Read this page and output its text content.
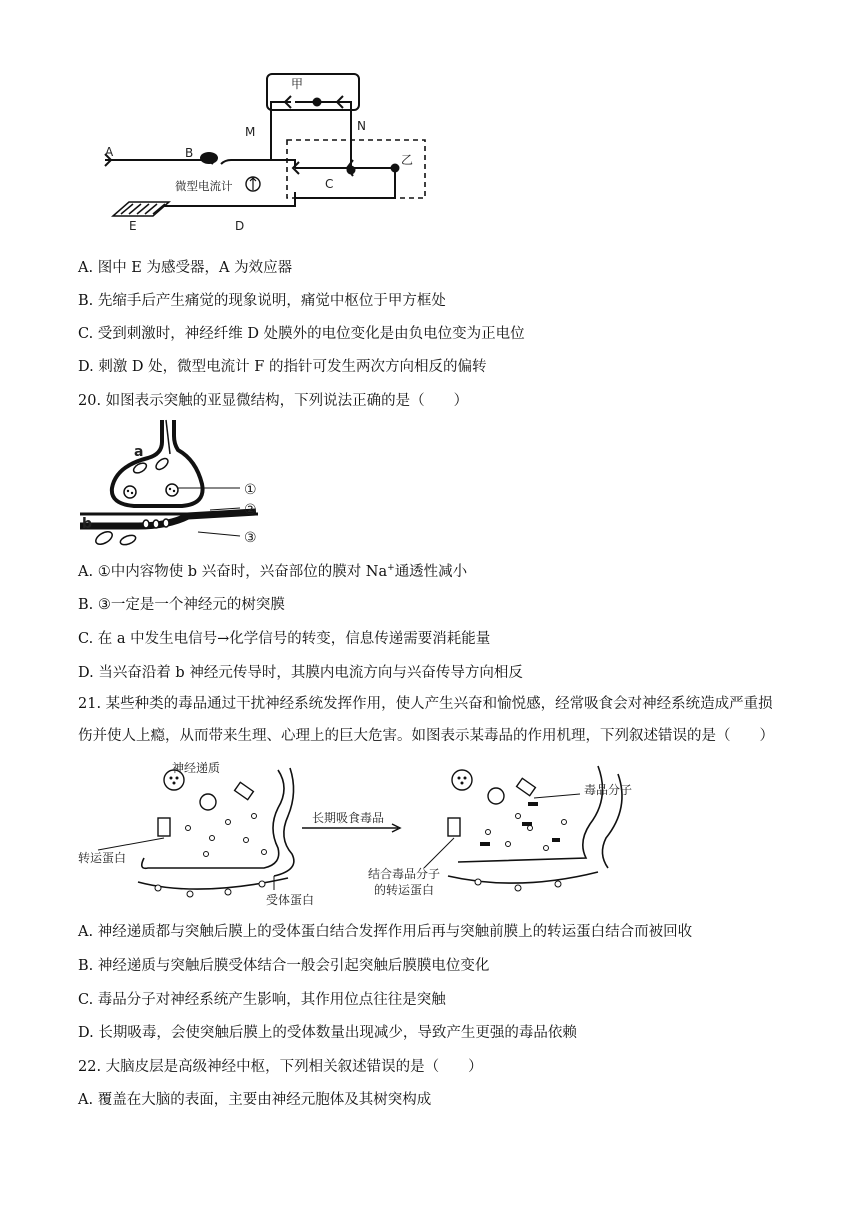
A	B
微型电流计
M
甲
N
乙
C
D
E
A. 图中 E 为感受器，A 为效应器
B. 先缩手后产生痛觉的现象说明，痛觉中枢位于甲方框处
C. 受到刺激时，神经纤维 D 处膜外的电位变化是由负电位变为正电位
D. 刺激 D 处，微型电流计 F 的指针可发生两次方向相反的偏转
20. 如图表示突触的亚显微结构，下列说法正确的是（　　）
a
b
①
②
③
A. ①中内容物使 b 兴奋时，兴奋部位的膜对 Na+通透性减小
B. ③一定是一个神经元的树突膜
C. 在 a 中发生电信号→化学信号的转变，信息传递需要消耗能量
D. 当兴奋沿着 b 神经元传导时，其膜内电流方向与兴奋传导方向相反
21. 某些种类的毒品通过干扰神经系统发挥作用，使人产生兴奋和愉悦感，经常吸食会对神经系统造成严重损伤并使人上瘾，从而带来生理、心理上的巨大危害。如图表示某毒品的作用机理，下列叙述错误的是（　　）
神经递质
转运蛋白
受体蛋白
长期吸食毒品
毒品分子
结合毒品分子
的转运蛋白
A. 神经递质都与突触后膜上的受体蛋白结合发挥作用后再与突触前膜上的转运蛋白结合而被回收
B. 神经递质与突触后膜受体结合一般会引起突触后膜膜电位变化
C. 毒品分子对神经系统产生影响，其作用位点往往是突触
D. 长期吸毒，会使突触后膜上的受体数量出现减少，导致产生更强的毒品依赖
22. 大脑皮层是高级神经中枢，下列相关叙述错误的是（　　）
A. 覆盖在大脑的表面，主要由神经元胞体及其树突构成
